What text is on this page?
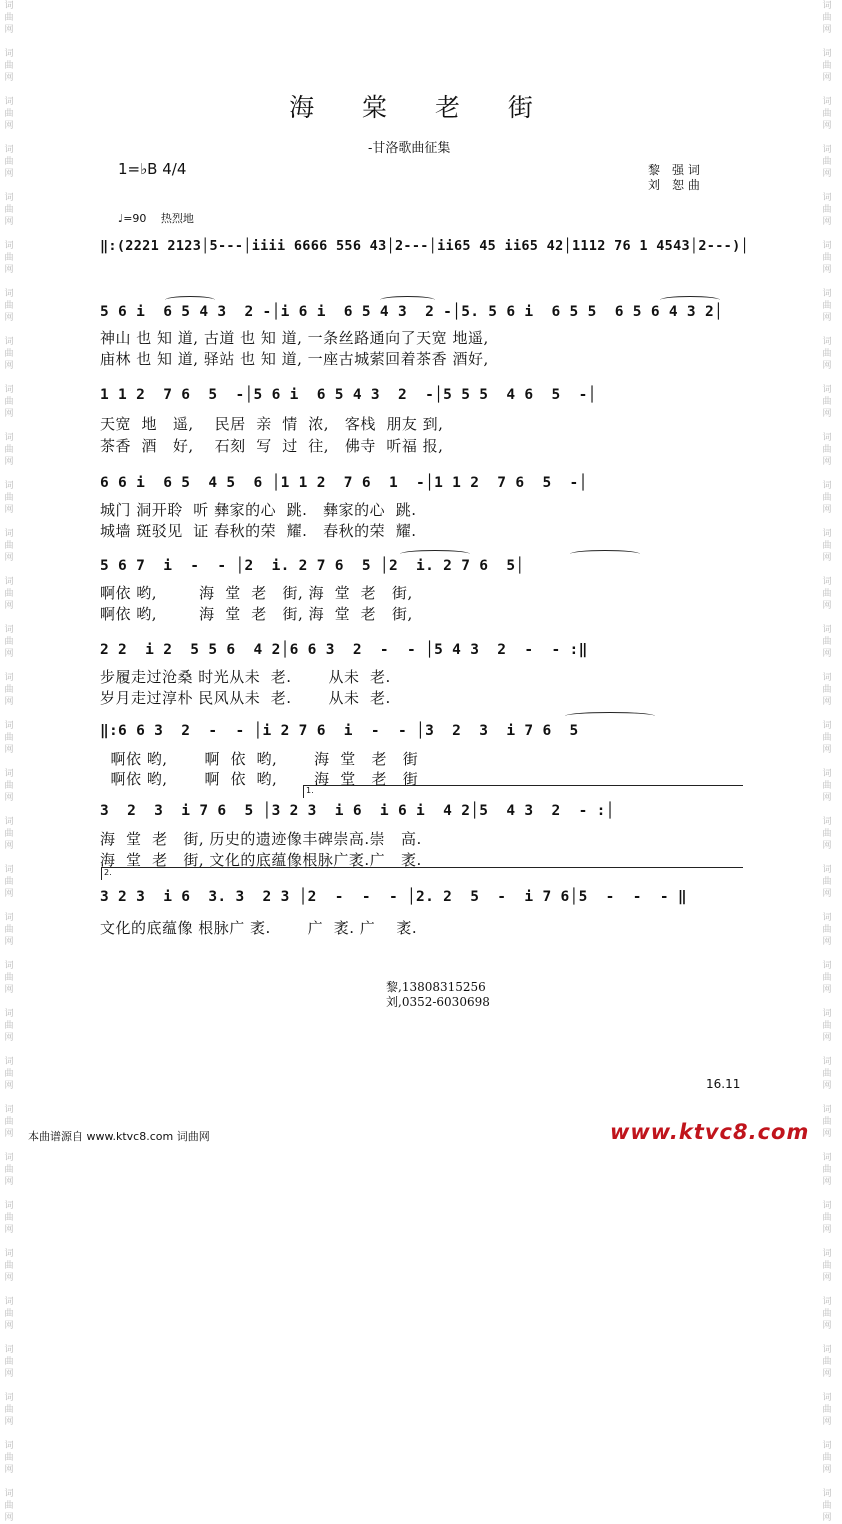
词
曲
网

词
曲
网

词
曲
网

词
曲
网

词
曲
网

词
曲
网

词
曲
网

词
曲
网

词
曲
网

词
曲
网

词
曲
网

词
曲
网

词
曲
网

词
曲
网

词
曲
网

词
曲
网

词
曲
网

词
曲
网

词
曲
网

词
曲
网

词
曲
网

词
曲
网

词
曲
网

词
曲
网

词
曲
网

词
曲
网

词
曲
网

词
曲
网

词
曲
网

词
曲
网

词
曲
网

词
曲
网
词
曲
网

词
曲
网

词
曲
网

词
曲
网

词
曲
网

词
曲
网

词
曲
网

词
曲
网

词
曲
网

词
曲
网

词
曲
网

词
曲
网

词
曲
网

词
曲
网

词
曲
网

词
曲
网

词
曲
网

词
曲
网

词
曲
网

词
曲
网

词
曲
网

词
曲
网

词
曲
网

词
曲
网

词
曲
网

词
曲
网

词
曲
网

词
曲
网

词
曲
网

词
曲
网

词
曲
网

词
曲
网
海 棠 老 街
-甘洛歌曲征集
1=♭B 4/4	黎　强 词
刘　恕 曲
♩=90　 热烈地
‖:(2221 2123│5---│iiii 6666 556 43│2---│ii65 45 ii65 42│1112 76 1 4543│2---)│
5 6 i  6 5 4 3  2 -│i 6 i  6 5 4 3  2 -│5. 5 6 i  6 5 5  6 5 6 4 3 2│
神山 也 知 道, 古道 也 知 道, 一条丝路通向了天宽 地遥,
庙林 也 知 道, 驿站 也 知 道, 一座古城萦回着茶香 酒好,
1 1 2  7 6  5  -│5 6 i  6 5 4 3  2  -│5 5 5  4 6  5  -│
天宽  地   遥,    民居  亲  情  浓,   客栈  朋友 到,
茶香  酒   好,    石刻  写  过  往,   佛寺  听福 报,
6 6 i  6 5  4 5  6 │1 1 2  7 6  1  -│1 1 2  7 6  5  -│
城门 洞开聆  听 彝家的心  跳.   彝家的心  跳.
城墙 斑驳见  证 春秋的荣  耀.   春秋的荣  耀.
5 6 7  i  -  - │2  i. 2 7 6  5 │2  i. 2 7 6  5│
啊依 哟,        海  堂  老   街, 海  堂  老   街,
啊依 哟,        海  堂  老   街, 海  堂  老   街,
2 2  i 2  5 5 6  4 2│6 6 3  2  -  - │5 4 3  2  -  - :‖
步履走过沧桑 时光从未  老.       从未  老.
岁月走过淳朴 民风从未  老.       从未  老.
‖:6 6 3  2  -  - │i 2 7 6  i  -  - │3  2  3  i 7 6  5
啊依 哟,       啊  依  哟,       海  堂   老   街
啊依 哟,       啊  依  哟,       海  堂   老   街
1.
3  2  3  i 7 6  5 │3 2 3  i 6  i 6 i  4 2│5  4 3  2  - :│
海  堂  老   街, 历史的遗迹像丰碑崇高.崇   高.
海  堂  老   街, 文化的底蕴像根脉广袤.广   袤.
2.
3 2 3  i 6  3. 3  2 3 │2  -  -  - │2. 2  5  -  i 7 6│5  -  -  - ‖
文化的底蕴像 根脉广 袤.       广  袤. 广    袤.
黎,13808315256
刘,0352-6030698
16.11
本曲谱源自 www.ktvc8.com 词曲网	www.ktvc8.com
